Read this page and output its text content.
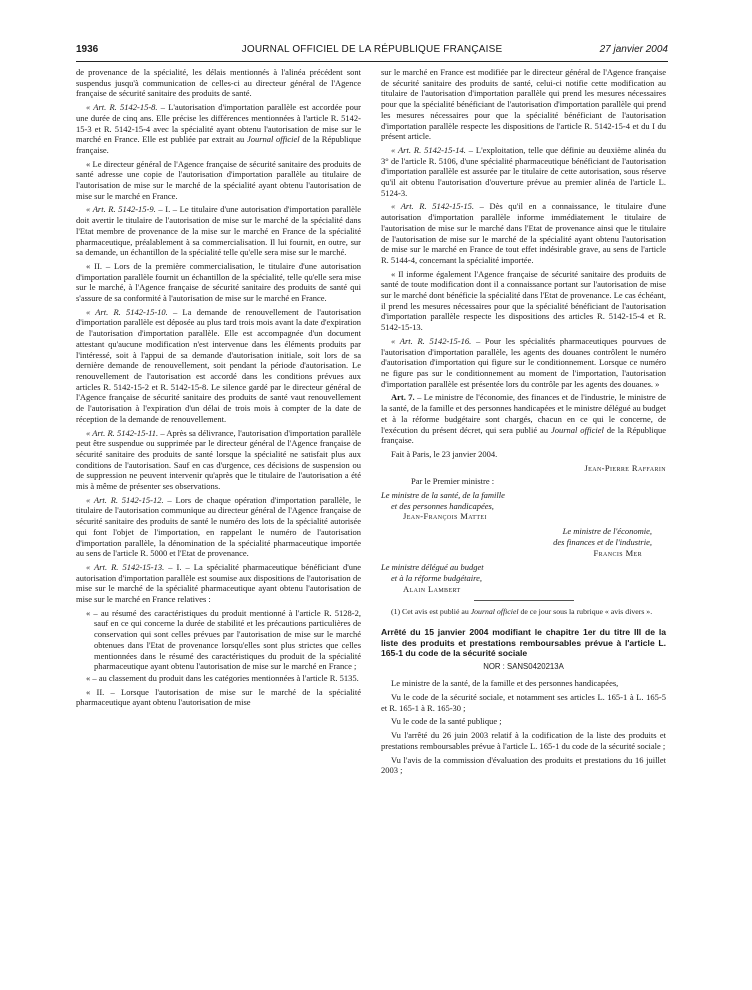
1936	JOURNAL OFFICIEL DE LA RÉPUBLIQUE FRANÇAISE	27 janvier 2004

de provenance de la spécialité, les délais mentionnés à l'alinéa précédent sont suspendus jusqu'à communication de celles-ci au directeur général de l'Agence française de sécurité sanitaire des produits de santé.

« Art. R. 5142-15-8. – L'autorisation d'importation parallèle est accordée pour une durée de cinq ans. Elle précise les différences mentionnées à l'article R. 5142-15-3 et R. 5142-15-4 avec la spécialité ayant obtenu l'autorisation de mise sur le marché en France. Elle est publiée par extrait au Journal officiel de la République française.

« Le directeur général de l'Agence française de sécurité sanitaire des produits de santé adresse une copie de l'autorisation d'importation parallèle au titulaire de l'autorisation de mise sur le marché de la spécialité ayant obtenu l'autorisation de mise sur le marché en France.

« Art. R. 5142-15-9. – I. – Le titulaire d'une autorisation d'importation parallèle doit avertir le titulaire de l'autorisation de mise sur le marché de la spécialité dans l'Etat membre de provenance de la mise sur le marché en France de la spécialité pharmaceutique, préalablement à sa commercialisation. Il lui fournit, en outre, sur sa demande, un échantillon de la spécialité telle qu'elle sera mise sur le marché.

« II. – Lors de la première commercialisation, le titulaire d'une autorisation d'importation parallèle fournit un échantillon de la spécialité, telle qu'elle sera mise sur le marché, à l'Agence française de sécurité sanitaire des produits de santé qui s'assure de sa conformité à l'autorisation de mise sur le marché en France.

« Art. R. 5142-15-10. – La demande de renouvellement de l'autorisation d'importation parallèle est déposée au plus tard trois mois avant la date d'expiration de l'autorisation d'importation parallèle. Elle est accompagnée d'un document attestant qu'aucune modification n'est intervenue dans les éléments produits par l'intéressé, soit à l'appui de sa demande d'autorisation initiale, soit lors de sa dernière demande de renouvellement, soit pendant la période d'autorisation. Le renouvellement de l'autorisation est accordé dans les conditions prévues aux articles R. 5142-15-2 et R. 5142-15-8. Le silence gardé par le directeur général de l'Agence française de sécurité sanitaire des produits de santé vaut renouvellement de l'autorisation à l'expiration d'un délai de trois mois à compter de la date de réception de la demande de renouvellement.

« Art. R. 5142-15-11. – Après sa délivrance, l'autorisation d'importation parallèle peut être suspendue ou supprimée par le directeur général de l'Agence française de sécurité sanitaire des produits de santé lorsque la spécialité ne satisfait plus aux conditions de l'autorisation. Sauf en cas d'urgence, ces décisions de suspension ou de suppression ne peuvent intervenir qu'après que le titulaire de l'autorisation a été mis à même de présenter ses observations.

« Art. R. 5142-15-12. – Lors de chaque opération d'importation parallèle, le titulaire de l'autorisation communique au directeur général de l'Agence française de sécurité sanitaire des produits de santé le numéro des lots de la spécialité autorisée qui font l'objet de l'importation, en rappelant le numéro de l'autorisation d'importation parallèle, la dénomination de la spécialité pharmaceutique importée au sens de l'article R. 5000 et l'Etat de provenance.

« Art. R. 5142-15-13. – I. – La spécialité pharmaceutique bénéficiant d'une autorisation d'importation parallèle est soumise aux dispositions de l'autorisation de mise sur le marché de la spécialité pharmaceutique ayant obtenu l'autorisation de mise sur le marché en France relatives :

« – au résumé des caractéristiques du produit mentionné à l'article R. 5128-2, sauf en ce qui concerne la durée de stabilité et les précautions particulières de conservation qui sont celles prévues par l'autorisation de mise sur le marché obtenues dans l'Etat de provenance lorsqu'elles sont plus strictes que celles mentionnées dans le résumé des caractéristiques du produit de la spécialité pharmaceutique ayant obtenu l'autorisation de mise sur le marché en France ;
« – au classement du produit dans les catégories mentionnées à l'article R. 5135.

« II. – Lorsque l'autorisation de mise sur le marché de la spécialité pharmaceutique ayant obtenu l'autorisation de mise

sur le marché en France est modifiée par le directeur général de l'Agence française de sécurité sanitaire des produits de santé, celui-ci notifie cette modification au titulaire de l'autorisation d'importation parallèle qui prend les mesures nécessaires pour que la spécialité bénéficiant de l'autorisation d'importation parallèle qui prend les mesures nécessaires pour que la spécialité bénéficiant de l'autorisation d'importation parallèle respecte les dispositions de l'article R. 5142-15-4 et du I du présent article.

« Art. R. 5142-15-14. – L'exploitation, telle que définie au deuxième alinéa du 3° de l'article R. 5106, d'une spécialité pharmaceutique bénéficiant de l'autorisation d'importation parallèle est assurée par le titulaire de cette autorisation, sous réserve qu'il ait obtenu l'autorisation d'ouverture prévue au premier alinéa de l'article L. 5124-3.

« Art. R. 5142-15-15. – Dès qu'il en a connaissance, le titulaire d'une autorisation d'importation parallèle informe immédiatement le titulaire de l'autorisation de mise sur le marché dans l'Etat de provenance ainsi que le titulaire de l'autorisation de mise sur le marché de la spécialité ayant obtenu l'autorisation de mise sur le marché en France de tout effet indésirable grave, au sens de l'article R. 5144-4, concernant la spécialité importée.

« Il informe également l'Agence française de sécurité sanitaire des produits de santé de toute modification dont il a connaissance portant sur l'autorisation de mise sur le marché dont bénéficie la spécialité dans l'Etat de provenance. Le cas échéant, il prend les mesures nécessaires pour que la spécialité bénéficiant de l'autorisation d'importation parallèle respecte les dispositions des articles R. 5142-15-4 et R. 5142-15-13.

« Art. R. 5142-15-16. – Pour les spécialités pharmaceutiques pourvues de l'autorisation d'importation parallèle, les agents des douanes contrôlent le numéro d'autorisation d'importation qui figure sur le conditionnement. Lorsque ce numéro ne figure pas sur le conditionnement au moment de l'importation, l'autorisation d'importation parallèle est présentée lors du contrôle par les agents des douanes. »

Art. 7. – Le ministre de l'économie, des finances et de l'industrie, le ministre de la santé, de la famille et des personnes handicapées et le ministre délégué au budget et à la réforme budgétaire sont chargés, chacun en ce qui le concerne, de l'exécution du présent décret, qui sera publié au Journal officiel de la République française.

Fait à Paris, le 23 janvier 2004.

Jean-Pierre Raffarin

Par le Premier ministre :

Le ministre de la santé, de la famille
et des personnes handicapées,
Jean-François Mattei
Le ministre de l'économie,
des finances et de l'industrie,
Francis Mer
Le ministre délégué au budget
et à la réforme budgétaire,
Alain Lambert

(1) Cet avis est publié au Journal officiel de ce jour sous la rubrique « avis divers ».

Arrêté du 15 janvier 2004 modifiant le chapitre 1er du titre III de la liste des produits et prestations remboursables prévue à l'article L. 165-1 du code de la sécurité sociale
NOR : SANS0420213A

Le ministre de la santé, de la famille et des personnes handicapées,

Vu le code de la sécurité sociale, et notamment ses articles L. 165-1 à L. 165-5 et R. 165-1 à R. 165-30 ;

Vu le code de la santé publique ;

Vu l'arrêté du 26 juin 2003 relatif à la codification de la liste des produits et prestations remboursables prévue à l'article L. 165-1 du code de la sécurité sociale ;

Vu l'avis de la commission d'évaluation des produits et prestations du 16 juillet 2003 ;
